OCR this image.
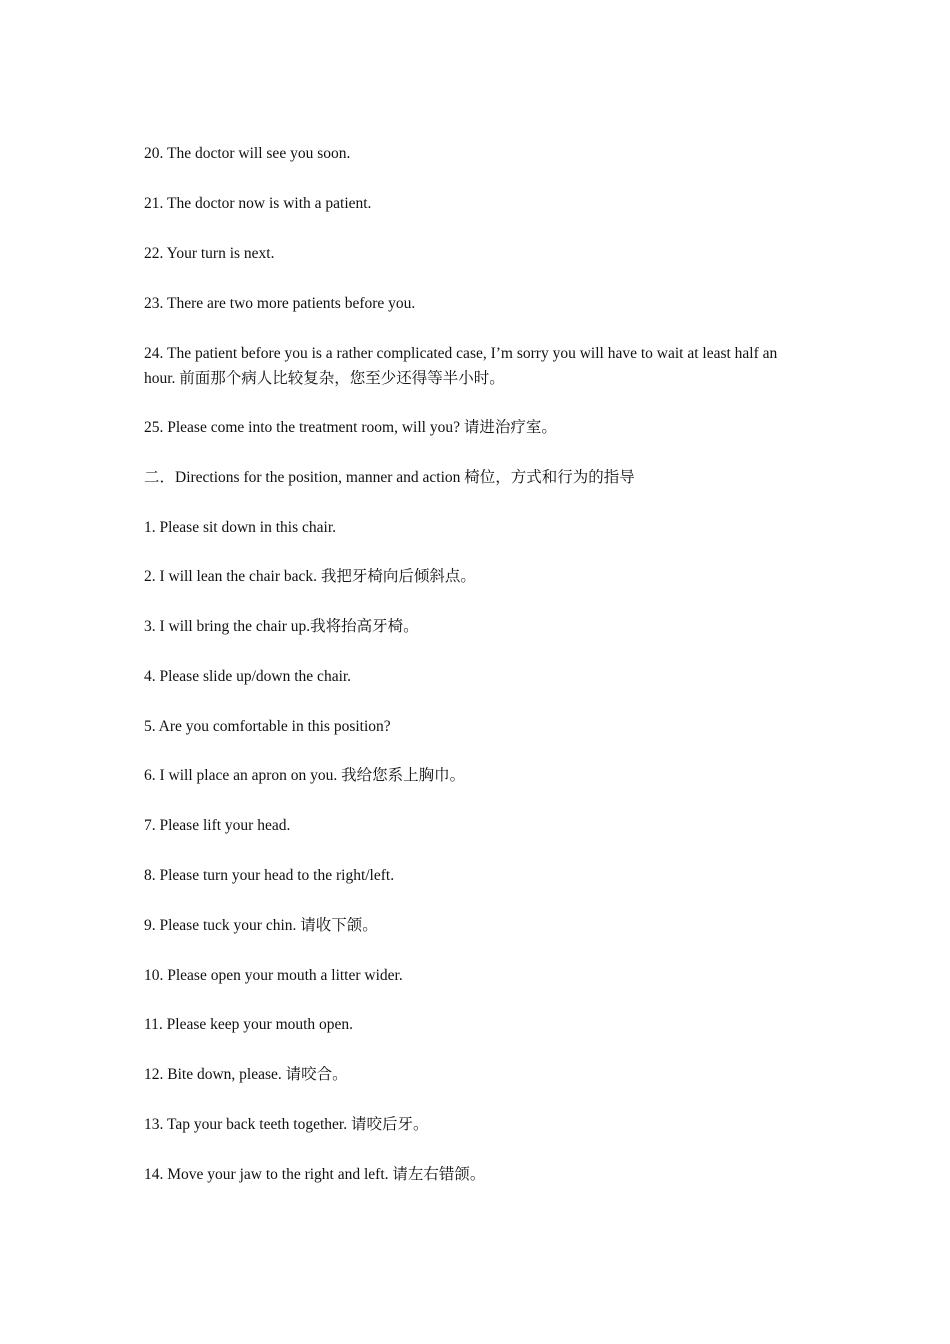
20. The doctor will see you soon.
21. The doctor now is with a patient.
22. Your turn is next.
23. There are two more patients before you.
24. The patient before you is a rather complicated case, I’m sorry you will have to wait at least half an hour. 前面那个病人比较复杂，您至少还得等半小时。
25. Please come into the treatment room, will you? 请进治疗室。
二．Directions for the position, manner and action 椅位，方式和行为的指导
1. Please sit down in this chair.
2. I will lean the chair back. 我把牙椅向后倾斜点。
3. I will bring the chair up.我将抬高牙椅。
4. Please slide up/down the chair.
5. Are you comfortable in this position?
6. I will place an apron on you. 我给您系上胸巾。
7. Please lift your head.
8. Please turn your head to the right/left.
9. Please tuck your chin. 请收下颌。
10. Please open your mouth a litter wider.
11. Please keep your mouth open.
12. Bite down, please. 请咬合。
13. Tap your back teeth together. 请咬后牙。
14. Move your jaw to the right and left. 请左右错颌。
